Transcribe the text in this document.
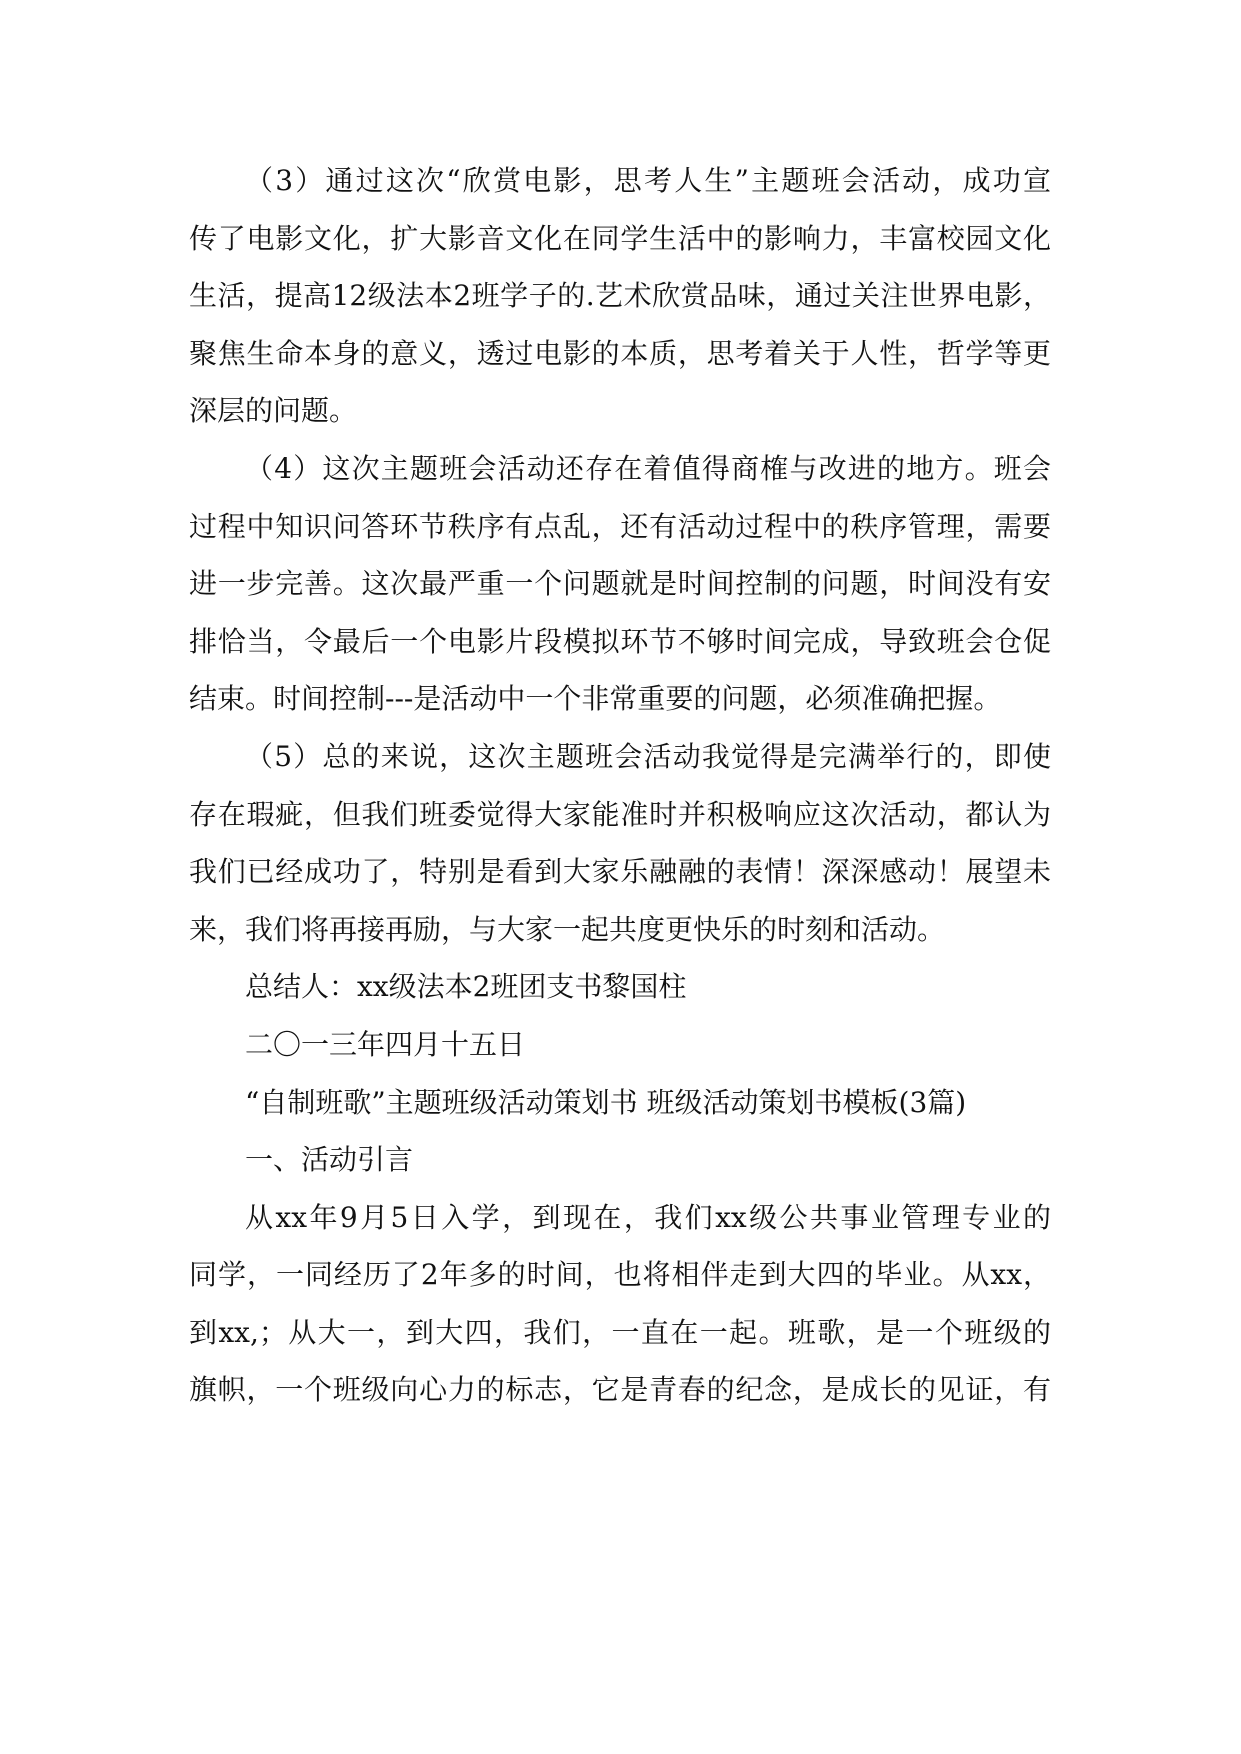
（3）通过这次“欣赏电影，思考人生”主题班会活动，成功宣
传了电影文化，扩大影音文化在同学生活中的影响力，丰富校园文化
生活，提高12级法本2班学子的.艺术欣赏品味，通过关注世界电影，
聚焦生命本身的意义，透过电影的本质，思考着关于人性，哲学等更
深层的问题。
（4）这次主题班会活动还存在着值得商榷与改进的地方。班会
过程中知识问答环节秩序有点乱，还有活动过程中的秩序管理，需要
进一步完善。这次最严重一个问题就是时间控制的问题，时间没有安
排恰当，令最后一个电影片段模拟环节不够时间完成，导致班会仓促
结束。时间控制---是活动中一个非常重要的问题，必须准确把握。
（5）总的来说，这次主题班会活动我觉得是完满举行的，即使
存在瑕疵，但我们班委觉得大家能准时并积极响应这次活动，都认为
我们已经成功了，特别是看到大家乐融融的表情！深深感动！展望未
来，我们将再接再励，与大家一起共度更快乐的时刻和活动。
总结人：xx级法本2班团支书黎国柱
二〇一三年四月十五日
“自制班歌”主题班级活动策划书 班级活动策划书模板(3篇)
一、活动引言
从xx年9月5日入学，到现在，我们xx级公共事业管理专业的
同学，一同经历了2年多的时间，也将相伴走到大四的毕业。从xx，
到xx,；从大一，到大四，我们，一直在一起。班歌，是一个班级的
旗帜，一个班级向心力的标志，它是青春的纪念，是成长的见证，有
